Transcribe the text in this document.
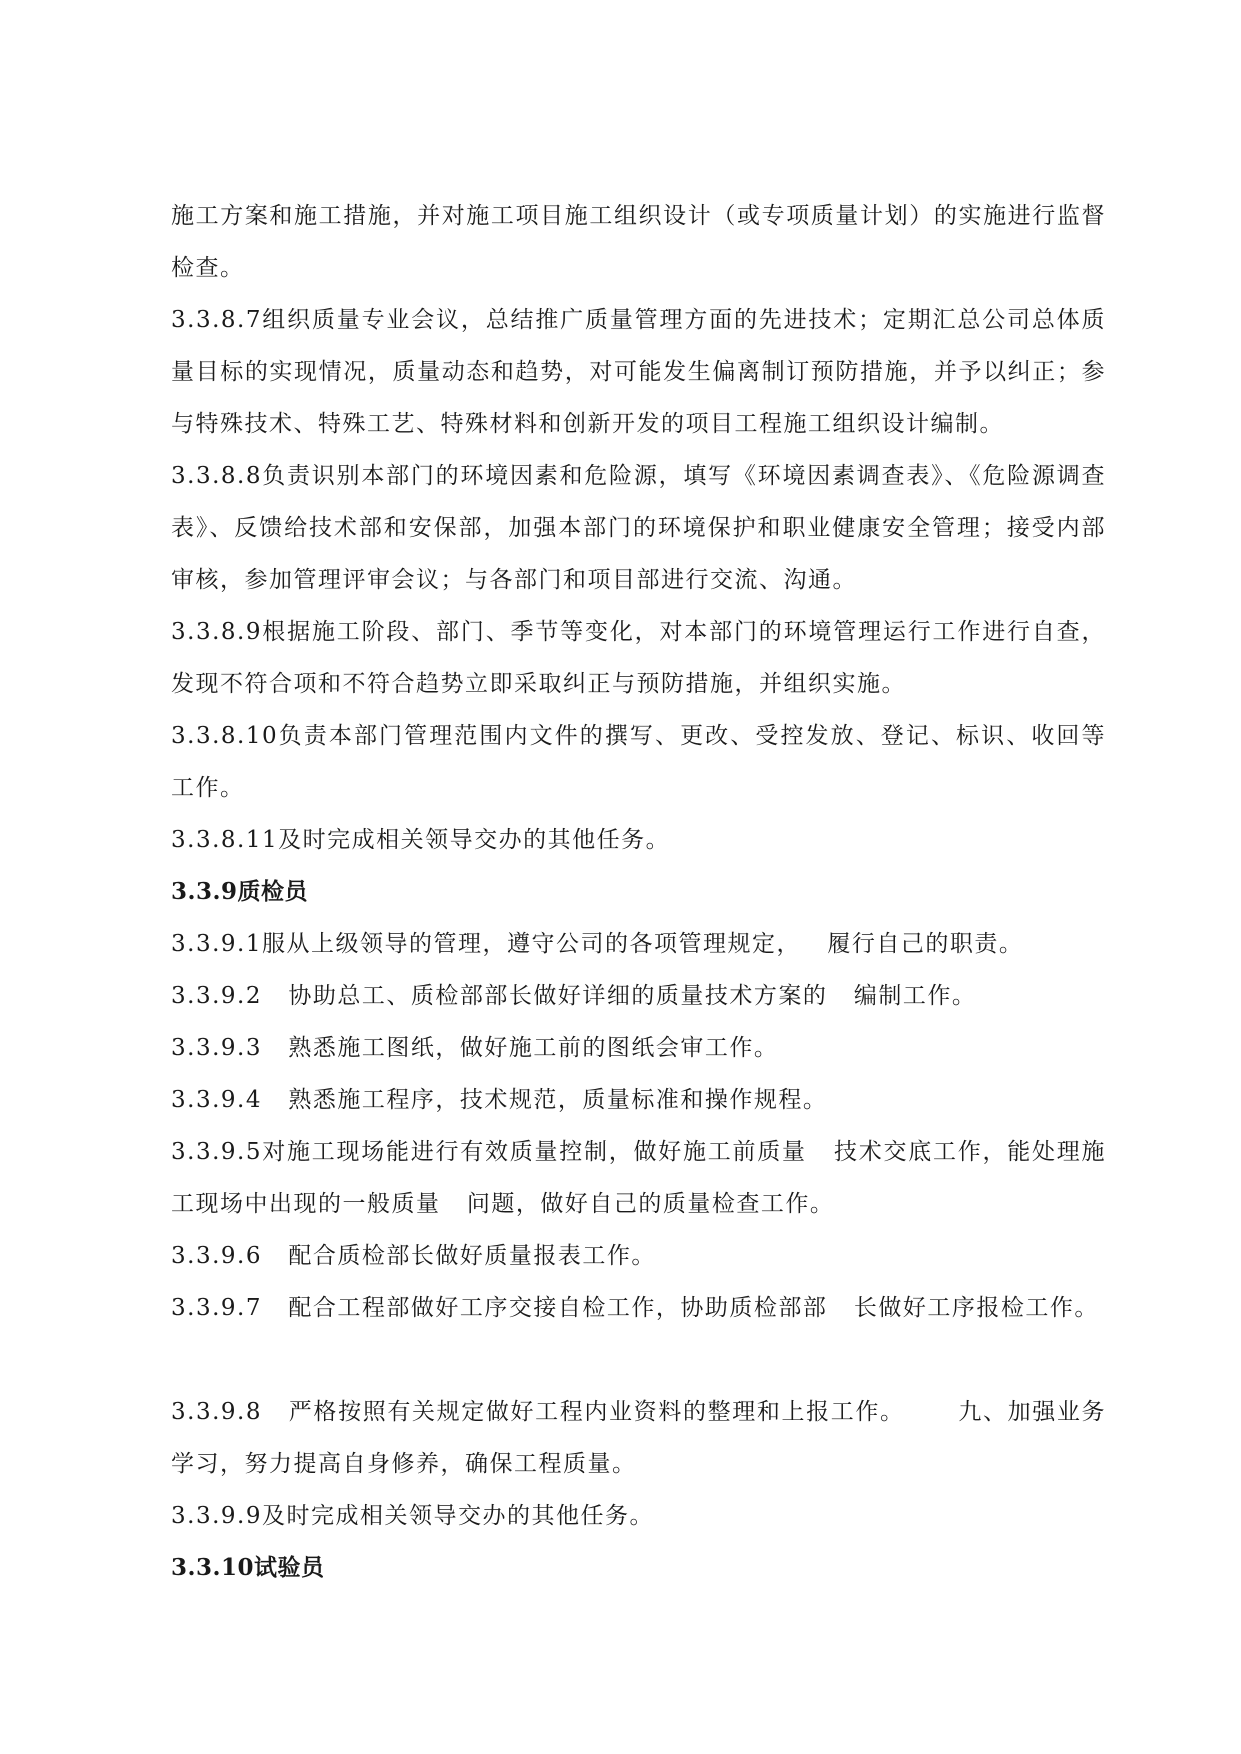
施工方案和施工措施，并对施工项目施工组织设计（或专项质量计划）的实施进行监督检查。

3.3.8.7组织质量专业会议，总结推广质量管理方面的先进技术；定期汇总公司总体质量目标的实现情况，质量动态和趋势，对可能发生偏离制订预防措施，并予以纠正；参与特殊技术、特殊工艺、特殊材料和创新开发的项目工程施工组织设计编制。

3.3.8.8负责识别本部门的环境因素和危险源，填写《环境因素调查表》、《危险源调查表》、反馈给技术部和安保部，加强本部门的环境保护和职业健康安全管理；接受内部审核，参加管理评审会议；与各部门和项目部进行交流、沟通。

3.3.8.9根据施工阶段、部门、季节等变化，对本部门的环境管理运行工作进行自查，发现不符合项和不符合趋势立即采取纠正与预防措施，并组织实施。

3.3.8.10负责本部门管理范围内文件的撰写、更改、受控发放、登记、标识、收回等工作。

3.3.8.11及时完成相关领导交办的其他任务。

3.3.9质检员

3.3.9.1服从上级领导的管理，遵守公司的各项管理规定，   履行自己的职责。

3.3.9.2   协助总工、质检部部长做好详细的质量技术方案的   编制工作。

3.3.9.3   熟悉施工图纸，做好施工前的图纸会审工作。

3.3.9.4   熟悉施工程序，技术规范，质量标准和操作规程。

3.3.9.5对施工现场能进行有效质量控制，做好施工前质量   技术交底工作，能处理施工现场中出现的一般质量   问题，做好自己的质量检查工作。

3.3.9.6   配合质检部长做好质量报表工作。

3.3.9.7   配合工程部做好工序交接自检工作，协助质检部部   长做好工序报检工作。

3.3.9.8   严格按照有关规定做好工程内业资料的整理和上报工作。      九、加强业务学习，努力提高自身修养，确保工程质量。

3.3.9.9及时完成相关领导交办的其他任务。

3.3.10试验员
